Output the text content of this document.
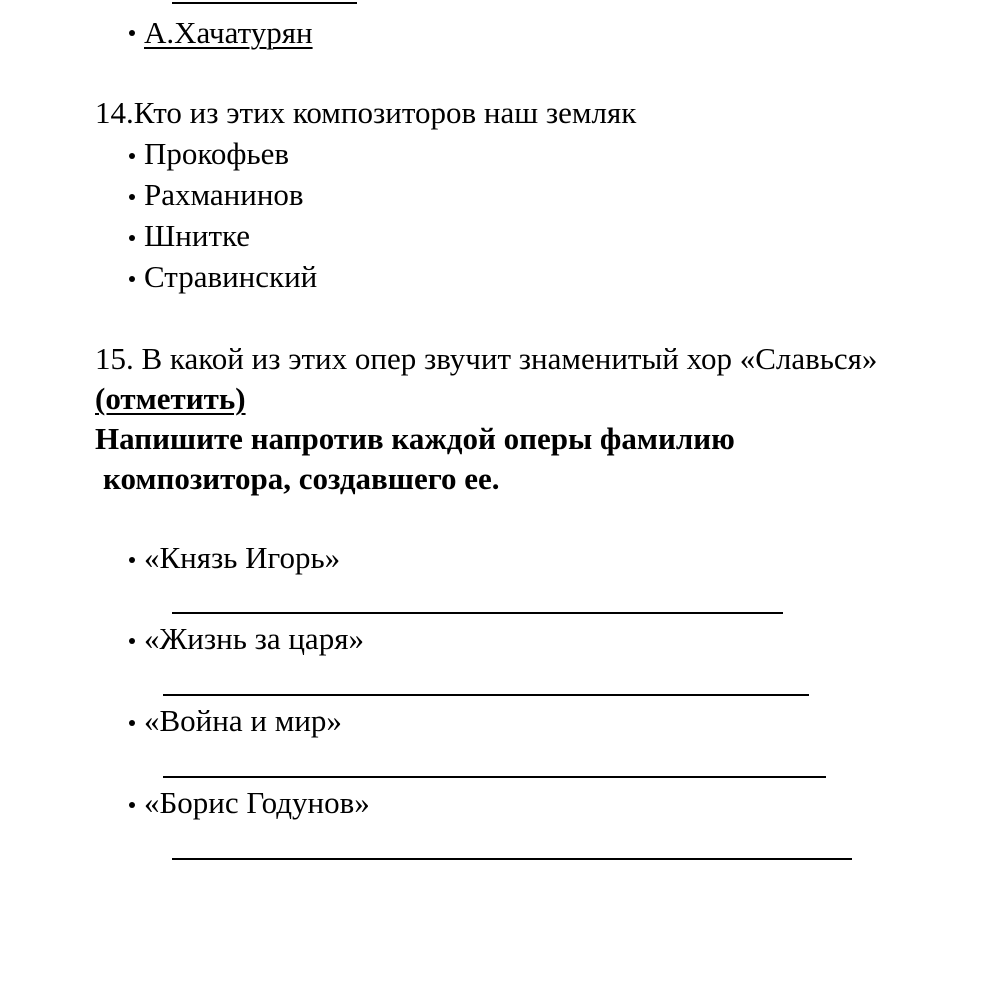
А.Хачатурян
14.Кто из этих композиторов наш земляк
Прокофьев
Рахманинов
Шнитке
Стравинский
15. В какой из этих опер звучит знаменитый хор «Славься»
(отметить)
Напишите напротив каждой оперы фамилию
композитора, создавшего ее.
«Князь Игорь»
«Жизнь за царя»
«Война и мир»
«Борис Годунов»
